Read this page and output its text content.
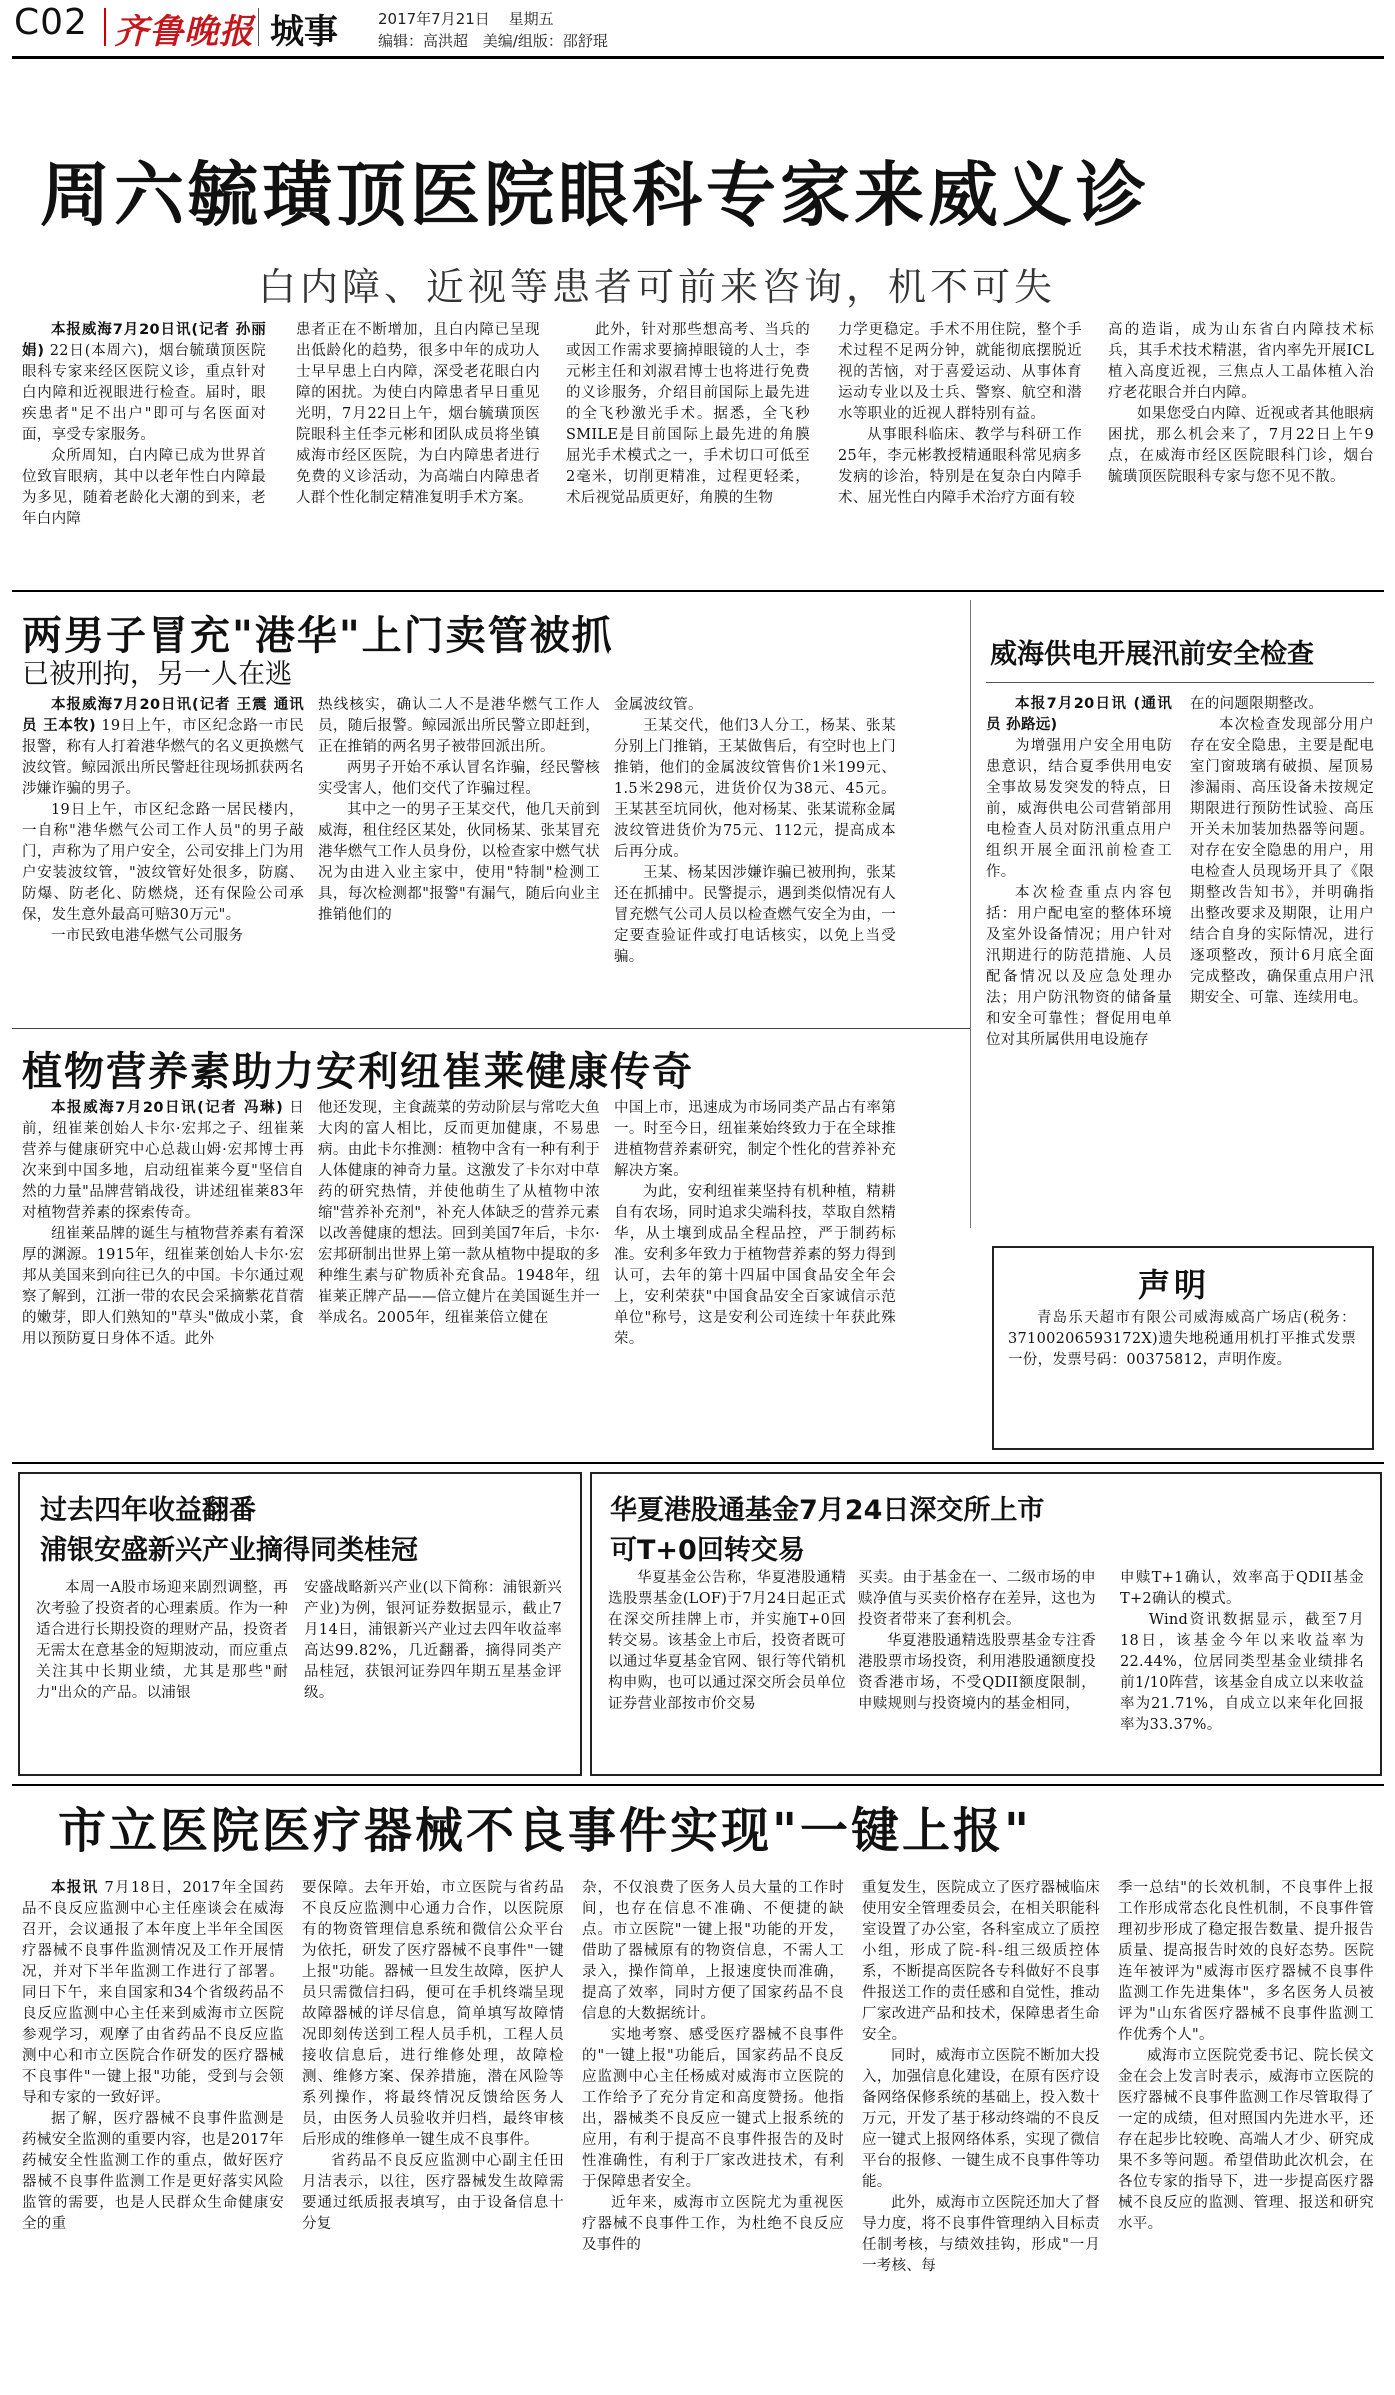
C02 齐鲁晚报 城事	2017年7月21日 星期五
编辑：高洪超 美编/组版：邵舒琨
周六毓璜顶医院眼科专家来威义诊
白内障、近视等患者可前来咨询，机不可失

本报威海7月20日讯(记者 孙丽娟) 22日(本周六)，烟台毓璜顶医院眼科专家来经区医院义诊，重点针对白内障和近视眼进行检查。届时，眼疾患者"足不出户"即可与名医面对面，享受专家服务。

众所周知，白内障已成为世界首位致盲眼病，其中以老年性白内障最为多见，随着老龄化大潮的到来，老年白内障

患者正在不断增加，且白内障已呈现出低龄化的趋势，很多中年的成功人士早早患上白内障，深受老花眼白内障的困扰。为使白内障患者早日重见光明，7月22日上午，烟台毓璜顶医院眼科主任李元彬和团队成员将坐镇威海市经区医院，为白内障患者进行免费的义诊活动，为高端白内障患者人群个性化制定精准复明手术方案。

此外，针对那些想高考、当兵的或因工作需求要摘掉眼镜的人士，李元彬主任和刘淑君博士也将进行免费的义诊服务，介绍目前国际上最先进的全飞秒激光手术。据悉，全飞秒SMILE是目前国际上最先进的角膜屈光手术模式之一，手术切口可低至2毫米，切削更精准，过程更轻柔，术后视觉品质更好，角膜的生物

力学更稳定。手术不用住院，整个手术过程不足两分钟，就能彻底摆脱近视的苦恼，对于喜爱运动、从事体育运动专业以及士兵、警察、航空和潜水等职业的近视人群特别有益。

从事眼科临床、教学与科研工作25年，李元彬教授精通眼科常见病多发病的诊治，特别是在复杂白内障手术、屈光性白内障手术治疗方面有较

高的造诣，成为山东省白内障技术标兵，其手术技术精湛，省内率先开展ICL植入高度近视，三焦点人工晶体植入治疗老花眼合并白内障。

如果您受白内障、近视或者其他眼病困扰，那么机会来了，7月22日上午9点，在威海市经区医院眼科门诊，烟台毓璜顶医院眼科专家与您不见不散。

两男子冒充"港华"上门卖管被抓
已被刑拘，另一人在逃

本报威海7月20日讯(记者 王震 通讯员 王本牧) 19日上午，市区纪念路一市民报警，称有人打着港华燃气的名义更换燃气波纹管。鲸园派出所民警赶往现场抓获两名涉嫌诈骗的男子。

19日上午，市区纪念路一居民楼内，一自称"港华燃气公司工作人员"的男子敲门，声称为了用户安全，公司安排上门为用户安装波纹管，"波纹管好处很多，防腐、防爆、防老化、防燃烧，还有保险公司承保，发生意外最高可赔30万元"。

一市民致电港华燃气公司服务

热线核实，确认二人不是港华燃气工作人员，随后报警。鲸园派出所民警立即赶到，正在推销的两名男子被带回派出所。

两男子开始不承认冒名诈骗，经民警核实受害人，他们交代了诈骗过程。

其中之一的男子王某交代，他几天前到威海，租住经区某处，伙同杨某、张某冒充港华燃气工作人员身份，以检查家中燃气状况为由进入业主家中，使用"特制"检测工具，每次检测都"报警"有漏气，随后向业主推销他们的

金属波纹管。

王某交代，他们3人分工，杨某、张某分别上门推销，王某做售后，有空时也上门推销，他们的金属波纹管售价1米199元、1.5米298元，进货价仅为38元、45元。王某甚至坑同伙，他对杨某、张某谎称金属波纹管进货价为75元、112元，提高成本后再分成。

王某、杨某因涉嫌诈骗已被刑拘，张某还在抓捕中。民警提示，遇到类似情况有人冒充燃气公司人员以检查燃气安全为由，一定要查验证件或打电话核实，以免上当受骗。

威海供电开展汛前安全检查

本报7月20日讯 (通讯员 孙路远)

为增强用户安全用电防患意识，结合夏季供用电安全事故易发突发的特点，日前，威海供电公司营销部用电检查人员对防汛重点用户组织开展全面汛前检查工作。

本次检查重点内容包括：用户配电室的整体环境及室外设备情况；用户针对汛期进行的防范措施、人员配备情况以及应急处理办法；用户防汛物资的储备量和安全可靠性；督促用电单位对其所属供用电设施存

在的问题限期整改。

本次检查发现部分用户存在安全隐患，主要是配电室门窗玻璃有破损、屋顶易渗漏雨、高压设备未按规定期限进行预防性试验、高压开关未加装加热器等问题。对存在安全隐患的用户，用电检查人员现场开具了《限期整改告知书》，并明确指出整改要求及期限，让用户结合自身的实际情况，进行逐项整改，预计6月底全面完成整改，确保重点用户汛期安全、可靠、连续用电。

植物营养素助力安利纽崔莱健康传奇

本报威海7月20日讯(记者 冯琳) 日前，纽崔莱创始人卡尔·宏邦之子、纽崔莱营养与健康研究中心总裁山姆·宏邦博士再次来到中国多地，启动纽崔莱今夏"坚信自然的力量"品牌营销战役，讲述纽崔莱83年对植物营养素的探索传奇。

纽崔莱品牌的诞生与植物营养素有着深厚的渊源。1915年，纽崔莱创始人卡尔·宏邦从美国来到向往已久的中国。卡尔通过观察了解到，江浙一带的农民会采摘紫花苜蓿的嫩芽，即人们熟知的"草头"做成小菜，食用以预防夏日身体不适。此外

他还发现，主食蔬菜的劳动阶层与常吃大鱼大肉的富人相比，反而更加健康，不易患病。由此卡尔推测：植物中含有一种有利于人体健康的神奇力量。这激发了卡尔对中草药的研究热情，并使他萌生了从植物中浓缩"营养补充剂"，补充人体缺乏的营养元素以改善健康的想法。回到美国7年后，卡尔·宏邦研制出世界上第一款从植物中提取的多种维生素与矿物质补充食品。1948年，纽崔莱正牌产品——倍立健片在美国诞生并一举成名。2005年，纽崔莱倍立健在

中国上市，迅速成为市场同类产品占有率第一。时至今日，纽崔莱始终致力于在全球推进植物营养素研究，制定个性化的营养补充解决方案。

为此，安利纽崔莱坚持有机种植，精耕自有农场，同时追求尖端科技，萃取自然精华，从土壤到成品全程品控，严于制药标准。安利多年致力于植物营养素的努力得到认可，去年的第十四届中国食品安全年会上，安利荣获"中国食品安全百家诚信示范单位"称号，这是安利公司连续十年获此殊荣。

声明

青岛乐天超市有限公司威海威高广场店(税务：37100206593172X)遗失地税通用机打平推式发票一份，发票号码：00375812，声明作废。

过去四年收益翻番
浦银安盛新兴产业摘得同类桂冠

本周一A股市场迎来剧烈调整，再次考验了投资者的心理素质。作为一种适合进行长期投资的理财产品，投资者无需太在意基金的短期波动，而应重点关注其中长期业绩，尤其是那些"耐力"出众的产品。以浦银

安盛战略新兴产业(以下简称：浦银新兴产业)为例，银河证券数据显示，截止7月14日，浦银新兴产业过去四年收益率高达99.82%，几近翻番，摘得同类产品桂冠，获银河证券四年期五星基金评级。

华夏港股通基金7月24日深交所上市
可T+0回转交易

华夏基金公告称，华夏港股通精选股票基金(LOF)于7月24日起正式在深交所挂牌上市，并实施T+0回转交易。该基金上市后，投资者既可以通过华夏基金官网、银行等代销机构申购，也可以通过深交所会员单位证券营业部按市价交易

买卖。由于基金在一、二级市场的申赎净值与买卖价格存在差异，这也为投资者带来了套利机会。

华夏港股通精选股票基金专注香港股票市场投资，利用港股通额度投资香港市场，不受QDII额度限制，申赎规则与投资境内的基金相同，

申赎T+1确认，效率高于QDII基金T+2确认的模式。

Wind资讯数据显示，截至7月18日，该基金今年以来收益率为22.44%，位居同类型基金业绩排名前1/10阵营，该基金自成立以来收益率为21.71%，自成立以来年化回报率为33.37%。

市立医院医疗器械不良事件实现"一键上报"

本报讯 7月18日，2017年全国药品不良反应监测中心主任座谈会在威海召开，会议通报了本年度上半年全国医疗器械不良事件监测情况及工作开展情况，并对下半年监测工作进行了部署。同日下午，来自国家和34个省级药品不良反应监测中心主任来到威海市立医院参观学习，观摩了由省药品不良反应监测中心和市立医院合作研发的医疗器械不良事件"一键上报"功能，受到与会领导和专家的一致好评。

据了解，医疗器械不良事件监测是药械安全监测的重要内容，也是2017年药械安全性监测工作的重点，做好医疗器械不良事件监测工作是更好落实风险监管的需要，也是人民群众生命健康安全的重

要保障。去年开始，市立医院与省药品不良反应监测中心通力合作，以医院原有的物资管理信息系统和微信公众平台为依托，研发了医疗器械不良事件"一键上报"功能。器械一旦发生故障，医护人员只需微信扫码，便可在手机终端呈现故障器械的详尽信息，简单填写故障情况即刻传送到工程人员手机，工程人员接收信息后，进行维修处理，故障检测、维修方案、保养措施，潜在风险等系列操作，将最终情况反馈给医务人员，由医务人员验收并归档，最终审核后形成的维修单一键生成不良事件。

省药品不良反应监测中心副主任田月洁表示，以往，医疗器械发生故障需要通过纸质报表填写，由于设备信息十分复

杂，不仅浪费了医务人员大量的工作时间，也存在信息不准确、不便捷的缺点。市立医院"一键上报"功能的开发，借助了器械原有的物资信息，不需人工录入，操作简单，上报速度快而准确，提高了效率，同时方便了国家药品不良信息的大数据统计。

实地考察、感受医疗器械不良事件的"一键上报"功能后，国家药品不良反应监测中心主任杨威对威海市立医院的工作给予了充分肯定和高度赞扬。他指出，器械类不良反应一键式上报系统的应用，有利于提高不良事件报告的及时性准确性，有利于厂家改进技术，有利于保障患者安全。

近年来，威海市立医院尤为重视医疗器械不良事件工作，为杜绝不良反应及事件的

重复发生，医院成立了医疗器械临床使用安全管理委员会，在相关职能科室设置了办公室，各科室成立了质控小组，形成了院-科-组三级质控体系，不断提高医院各专科做好不良事件报送工作的责任感和自觉性，推动厂家改进产品和技术，保障患者生命安全。

同时，威海市立医院不断加大投入，加强信息化建设，在原有医疗设备网络保修系统的基础上，投入数十万元，开发了基于移动终端的不良反应一键式上报网络体系，实现了微信平台的报修、一键生成不良事件等功能。

此外，威海市立医院还加大了督导力度，将不良事件管理纳入目标责任制考核，与绩效挂钩，形成"一月一考核、每

季一总结"的长效机制，不良事件上报工作形成常态化良性机制，不良事件管理初步形成了稳定报告数量、提升报告质量、提高报告时效的良好态势。医院连年被评为"威海市医疗器械不良事件监测工作先进集体"，多名医务人员被评为"山东省医疗器械不良事件监测工作优秀个人"。

威海市立医院党委书记、院长侯文金在会上发言时表示，威海市立医院的医疗器械不良事件监测工作尽管取得了一定的成绩，但对照国内先进水平，还存在起步比较晚、高端人才少、研究成果不多等问题。希望借助此次机会，在各位专家的指导下，进一步提高医疗器械不良反应的监测、管理、报送和研究水平。
